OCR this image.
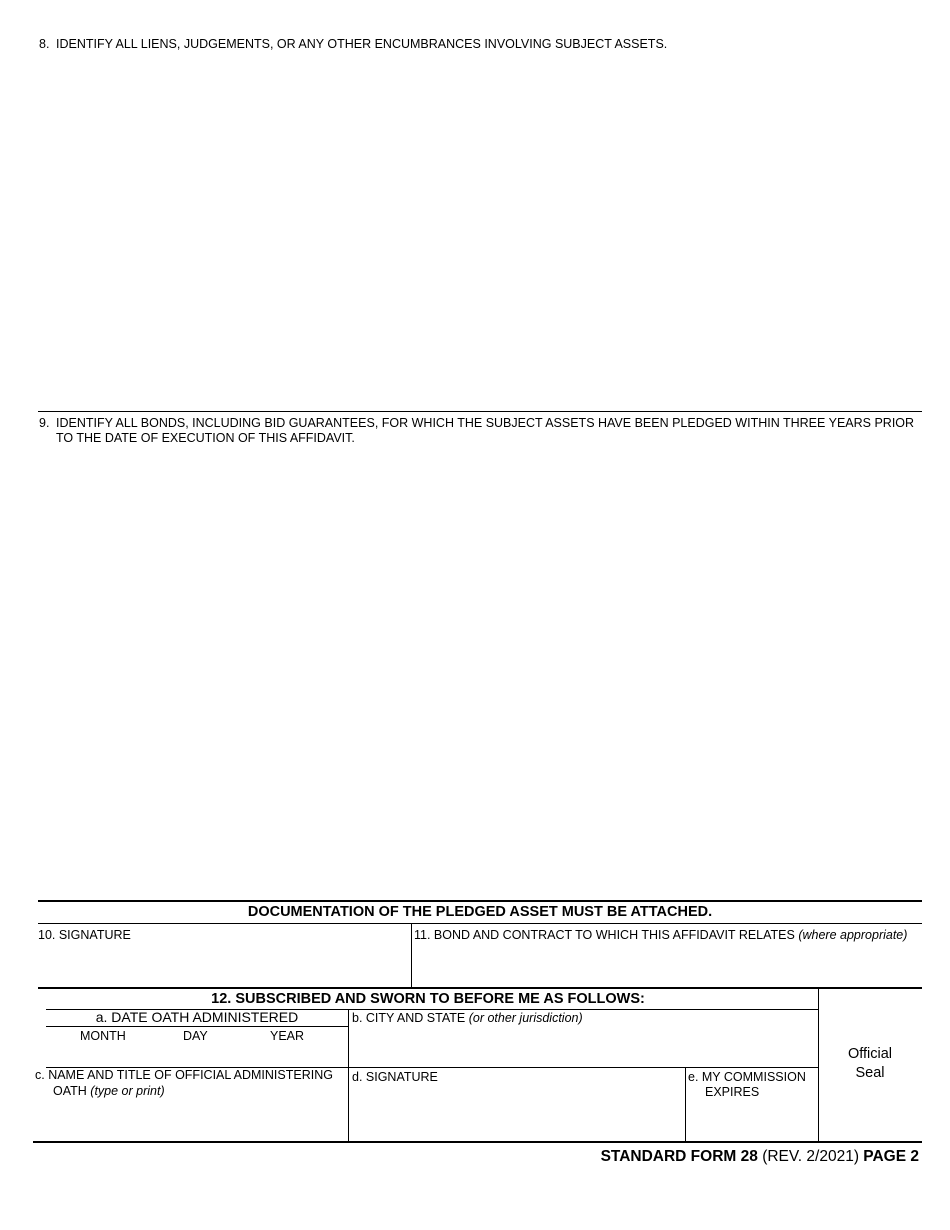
8. IDENTIFY ALL LIENS, JUDGEMENTS, OR ANY OTHER ENCUMBRANCES INVOLVING SUBJECT ASSETS.
9. IDENTIFY ALL BONDS, INCLUDING BID GUARANTEES, FOR WHICH THE SUBJECT ASSETS HAVE BEEN PLEDGED WITHIN THREE YEARS PRIOR
TO THE DATE OF EXECUTION OF THIS AFFIDAVIT.
DOCUMENTATION OF THE PLEDGED ASSET MUST BE ATTACHED.
10. SIGNATURE	11. BOND AND CONTRACT TO WHICH THIS AFFIDAVIT RELATES (where appropriate)
12. SUBSCRIBED AND SWORN TO BEFORE ME AS FOLLOWS:
Official
Seal
a. DATE OATH ADMINISTERED
MONTH	DAY	YEAR
b. CITY AND STATE (or other jurisdiction)
c. NAME AND TITLE OF OFFICIAL ADMINISTERING
OATH (type or print)
d. SIGNATURE	e. MY COMMISSION
EXPIRES
STANDARD FORM 28 (REV. 2/2021) PAGE 2
